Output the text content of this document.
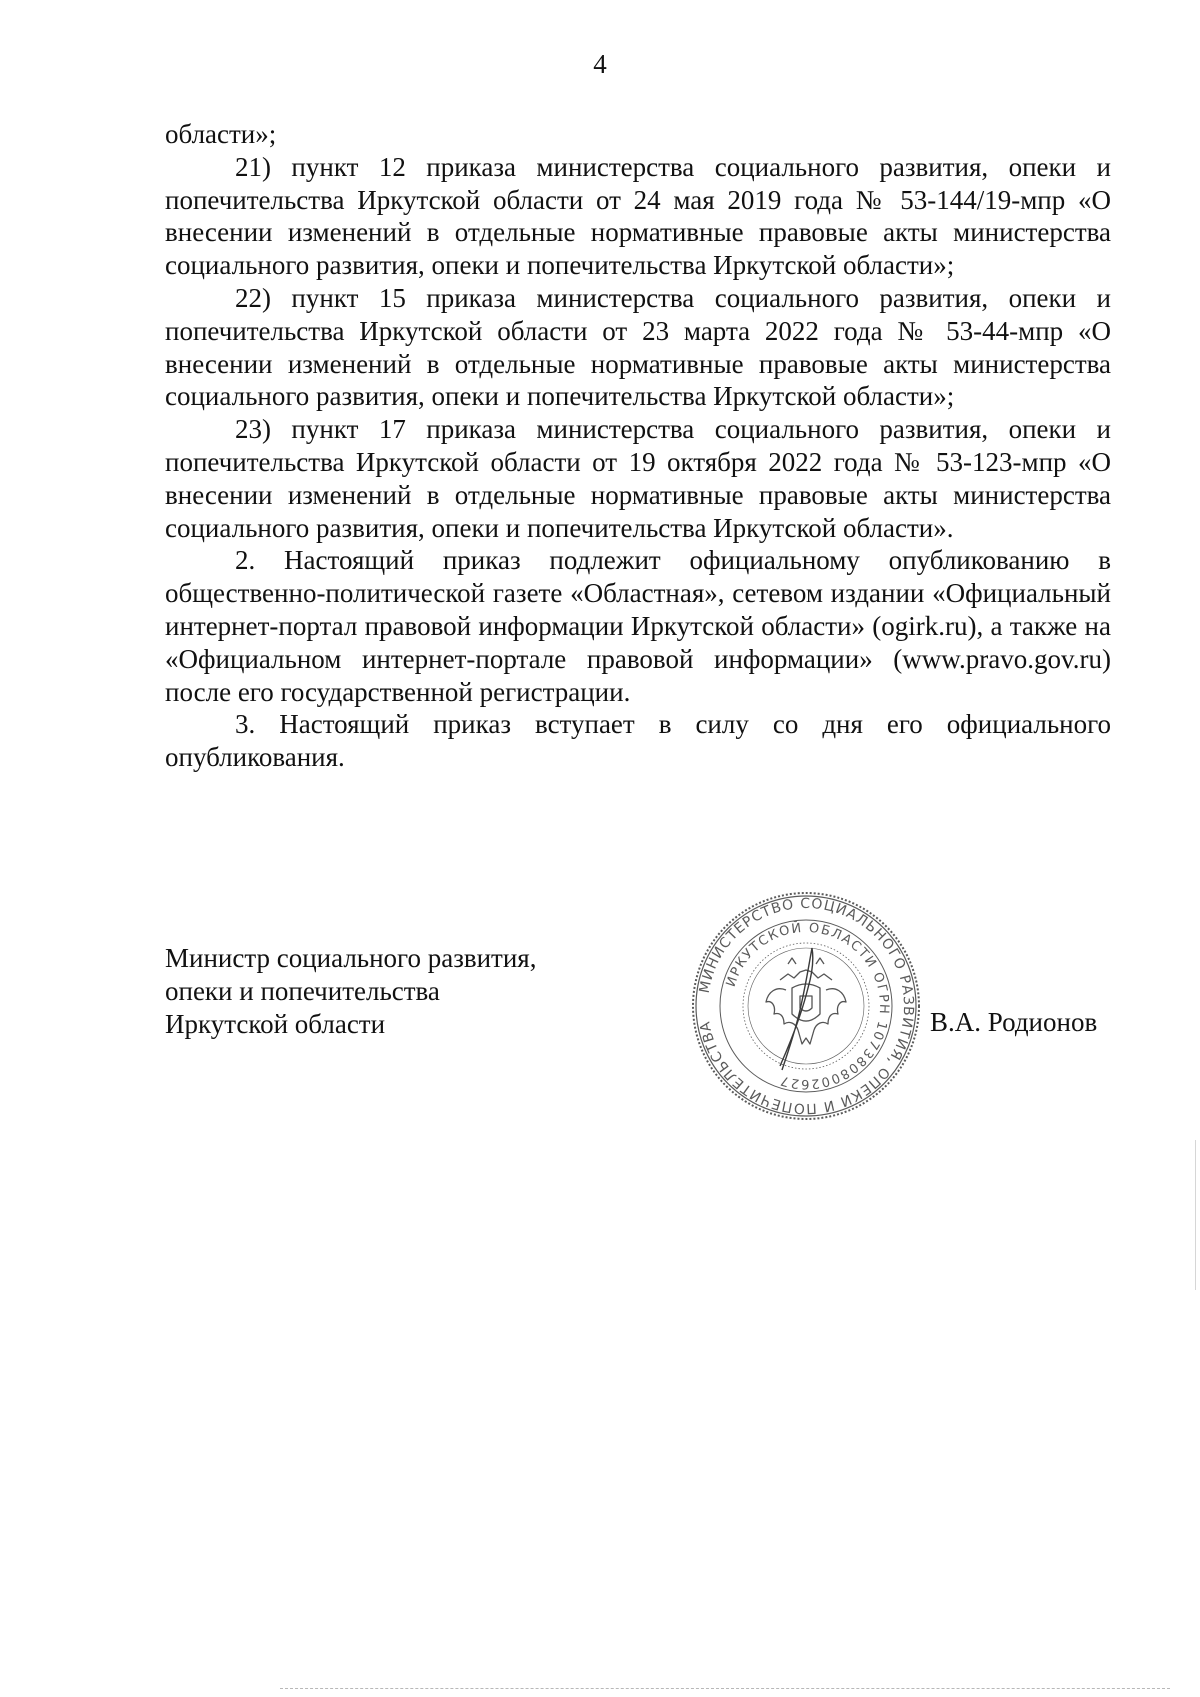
4

области»;

21) пункт 12 приказа министерства социального развития, опеки и попечительства Иркутской области от 24 мая 2019 года № 53-144/19-мпр «О внесении изменений в отдельные нормативные правовые акты министерства социального развития, опеки и попечительства Иркутской области»;

22) пункт 15 приказа министерства социального развития, опеки и попечительства Иркутской области от 23 марта 2022 года № 53-44-мпр «О внесении изменений в отдельные нормативные правовые акты министерства социального развития, опеки и попечительства Иркутской области»;

23) пункт 17 приказа министерства социального развития, опеки и попечительства Иркутской области от 19 октября 2022 года № 53-123-мпр «О внесении изменений в отдельные нормативные правовые акты министерства социального развития, опеки и попечительства Иркутской области».

2. Настоящий приказ подлежит официальному опубликованию в общественно-политической газете «Областная», сетевом издании «Официальный интернет-портал правовой информации Иркутской области» (ogirk.ru), а также на «Официальном интернет-портале правовой информации» (www.pravo.gov.ru) после его государственной регистрации.

3. Настоящий приказ вступает в силу со дня его официального опубликования.

Министр социального развития,
опеки и попечительства
Иркутской области
МИНИСТЕРСТВО СОЦИАЛЬНОГО РАЗВИТИЯ, ОПЕКИ И ПОПЕЧИТЕЛЬСТВА
ИРКУТСКОЙ ОБЛАСТИ ОГРН 1073808002627
В.А. Родионов
